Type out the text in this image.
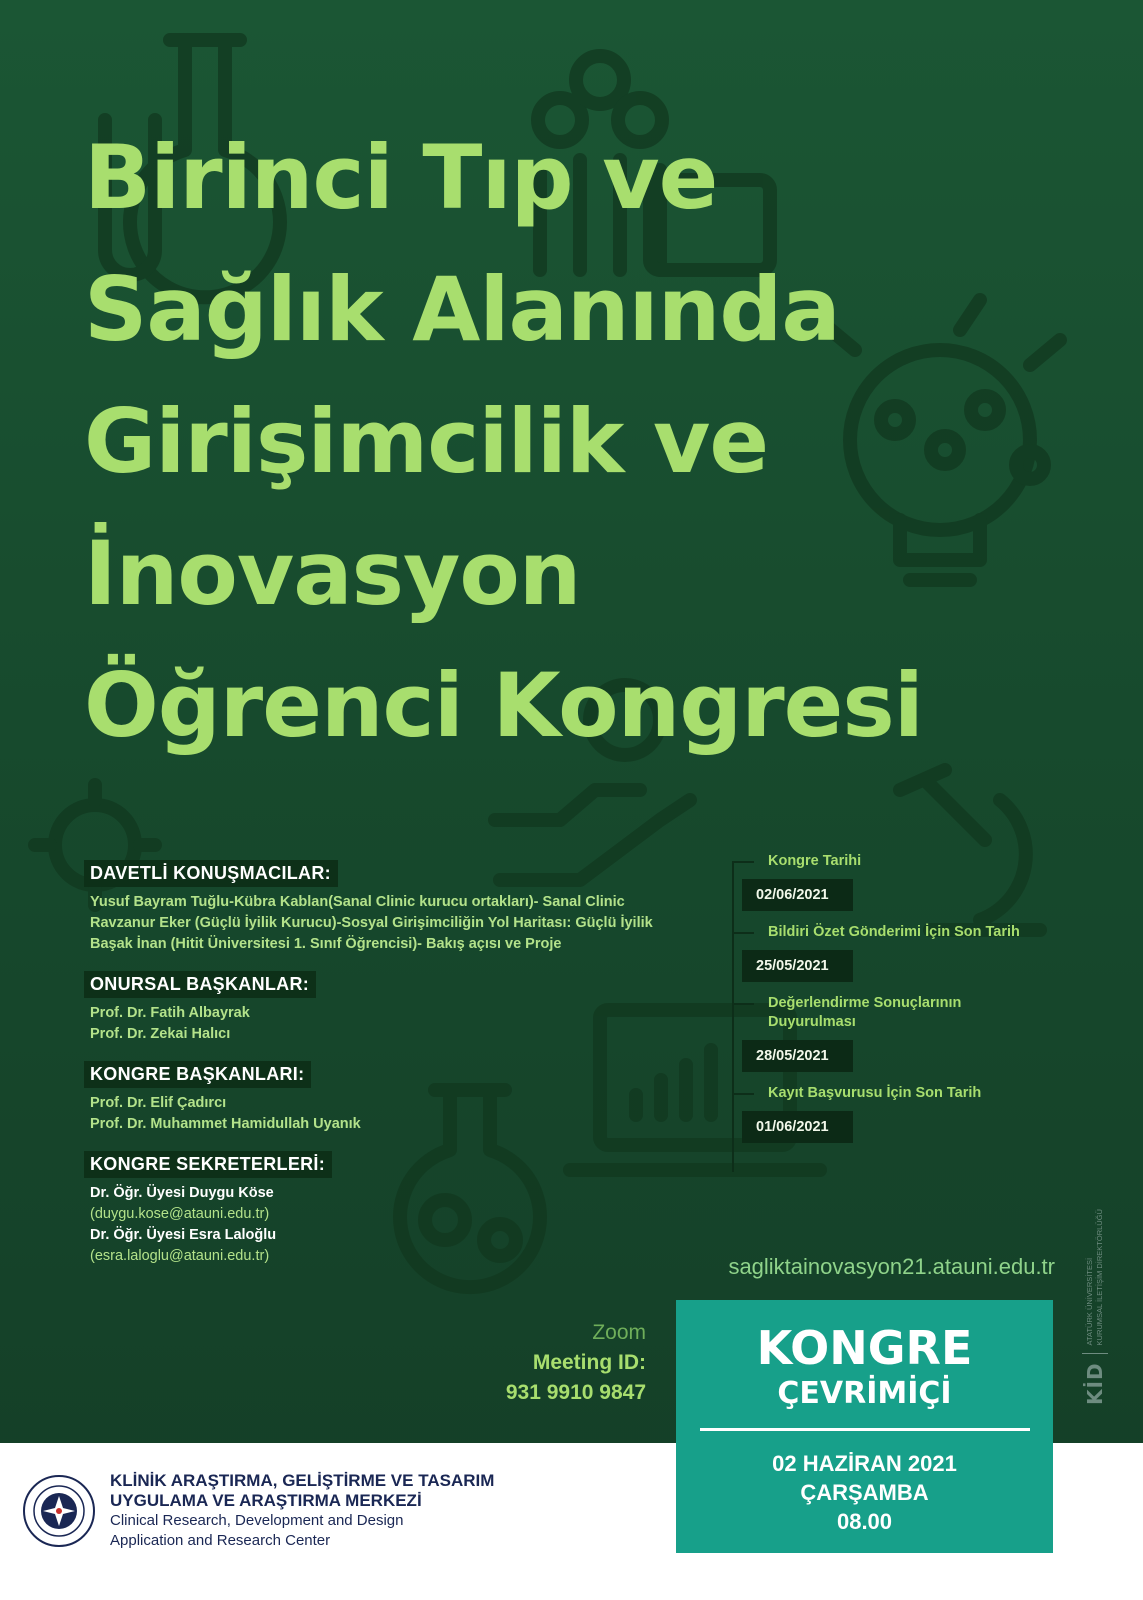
Birinci Tıp ve
Sağlık Alanında
Girişimcilik ve
İnovasyon
Öğrenci Kongresi
DAVETLİ KONUŞMACILAR:
Yusuf Bayram Tuğlu-Kübra Kablan(Sanal Clinic kurucu ortakları)- Sanal Clinic
Ravzanur Eker (Güçlü İyilik Kurucu)-Sosyal Girişimciliğin Yol Haritası: Güçlü İyilik
Başak İnan (Hitit Üniversitesi 1. Sınıf Öğrencisi)- Bakış açısı ve Proje
ONURSAL BAŞKANLAR:
Prof. Dr. Fatih Albayrak
Prof. Dr. Zekai Halıcı
KONGRE BAŞKANLARI:
Prof. Dr. Elif Çadırcı
Prof. Dr. Muhammet Hamidullah Uyanık
KONGRE SEKRETERLERİ:
Dr. Öğr. Üyesi Duygu Köse
(duygu.kose@atauni.edu.tr)
Dr. Öğr. Üyesi Esra Laloğlu
(esra.laloglu@atauni.edu.tr)
Kongre Tarihi
02/06/2021
Bildiri Özet Gönderimi İçin Son Tarih
25/05/2021
Değerlendirme Sonuçlarının Duyurulması
28/05/2021
Kayıt Başvurusu İçin Son Tarih
01/06/2021
sagliktainovasyon21.atauni.edu.tr
Zoom
Meeting ID:
931 9910 9847
KLİNİK ARAŞTIRMA, GELİŞTİRME VE TASARIM
UYGULAMA VE ARAŞTIRMA MERKEZİ
Clinical Research, Development and Design
Application and Research Center
KONGRE
ÇEVRİMİÇİ
02 HAZİRAN 2021
ÇARŞAMBA
08.00
KİD
ATATÜRK ÜNİVERSİTESİ KURUMSAL İLETİŞİM DİREKTÖRLÜĞÜ
